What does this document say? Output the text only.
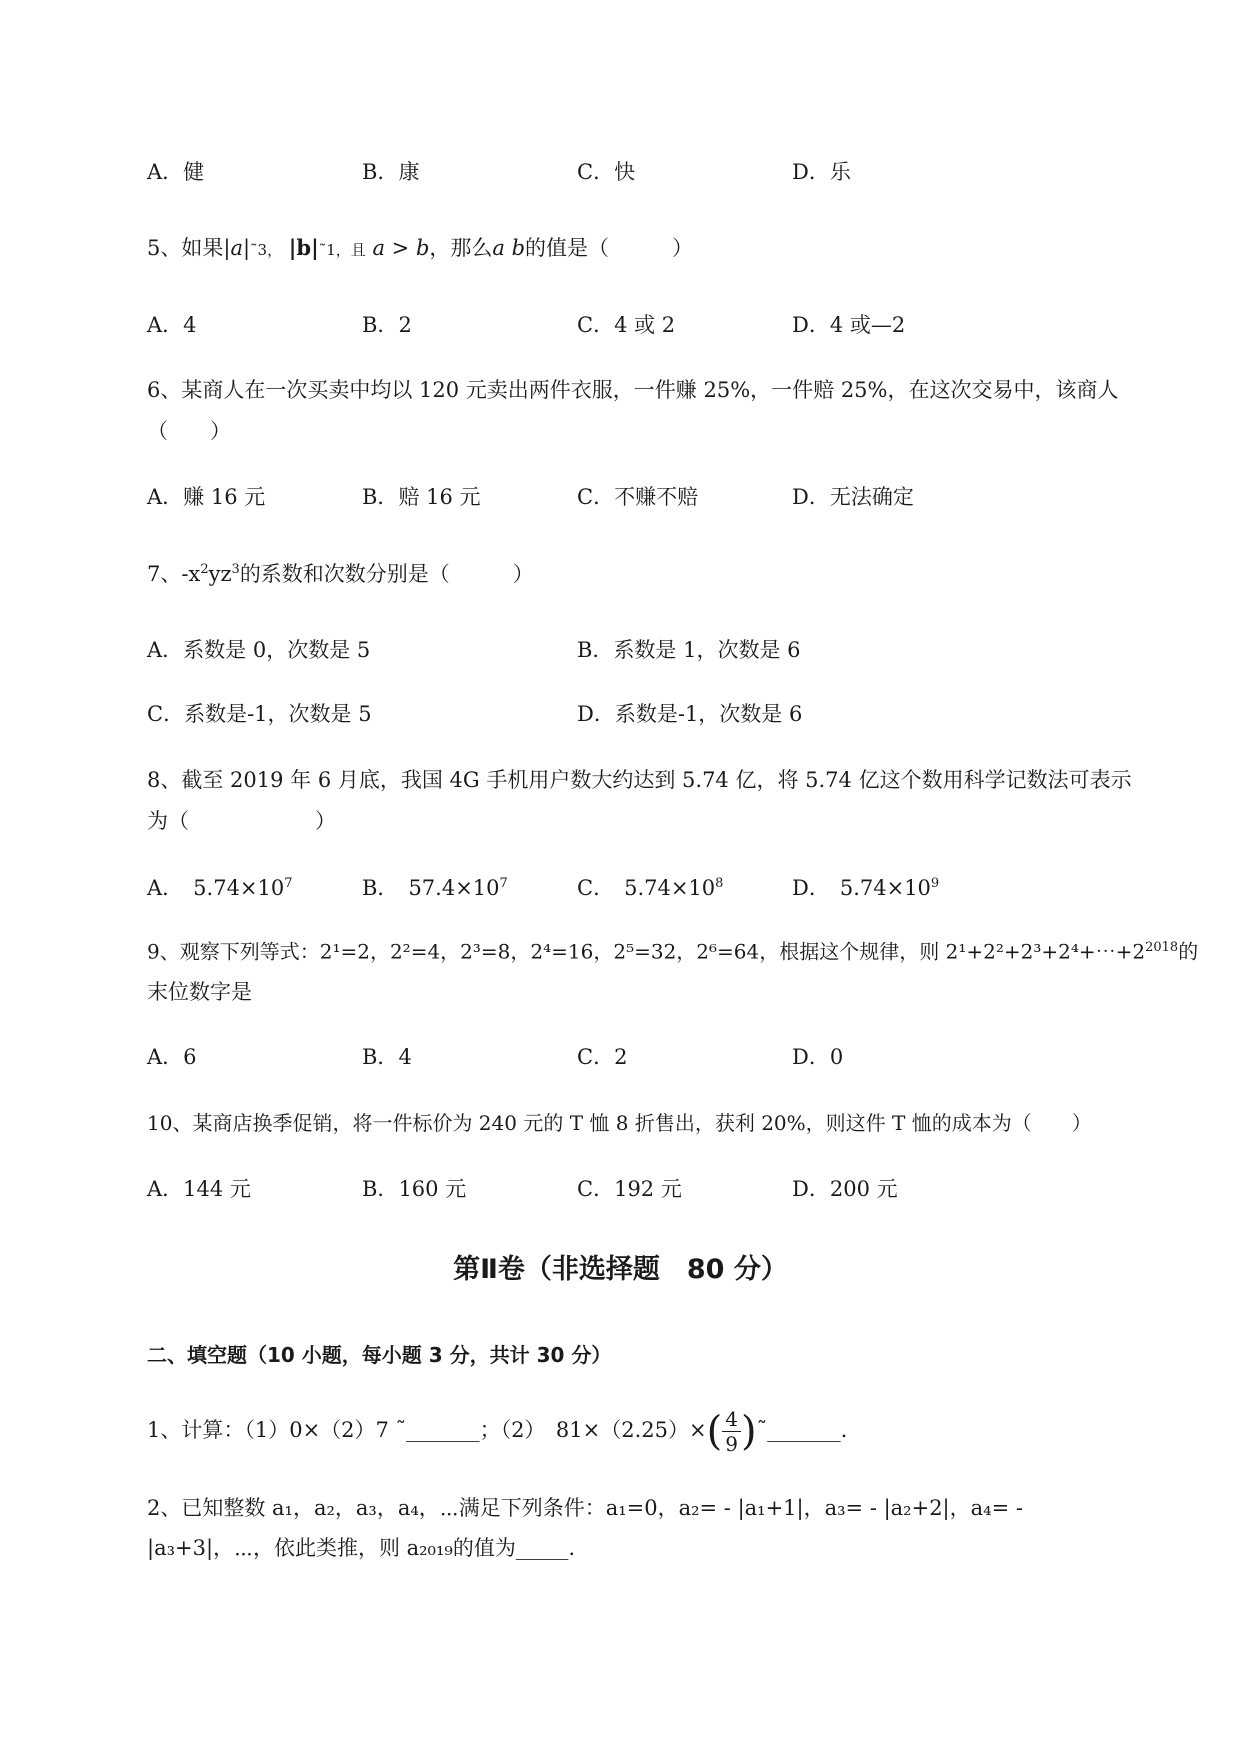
A．健	B．康	C．快	D．乐
5、如果|a|˜3， |b|˜1，且 a > b，那么a b的值是（　　　）
A．4	B．2	C．4 或 2	D．4 或—2
6、某商人在一次买卖中均以 120 元卖出两件衣服，一件赚 25%，一件赔 25%，在这次交易中，该商人
（　　）
A．赚 16 元	B．赔 16 元	C．不赚不赔	D．无法确定
7、$-x^2yz^3$的系数和次数分别是（　　　）
A．系数是 0，次数是 5	B．系数是 1，次数是 6
C．系数是-1，次数是 5	D．系数是-1，次数是 6
8、截至 2019 年 6 月底，我国 4G 手机用户数大约达到 5.74 亿，将 5.74 亿这个数用科学记数法可表示
为（　　　　　　）
A． $5.74\times 10^7$	B． $57.4\times 10^7$	C． $5.74\times 10^8$	D． $5.74\times 10^9$
9、观察下列等式：2¹=2，2²=4，2³=8，2⁴=16，2⁵=32，2⁶=64，根据这个规律，则 $2^1+2^2+2^3+2^4+\cdots+2^{2018}$的
末位数字是
A．6	B．4	C．2	D．0
10、某商店换季促销，将一件标价为 240 元的 T 恤 8 折售出，获利 20%，则这件 T 恤的成本为（　　）
A．144 元	B．160 元	C．192 元	D．200 元
第Ⅱ卷（非选择题　80 分）
二、填空题（10 小题，每小题 3 分，共计 30 分）
1、计算：（1）0×（2）7 ˜_______；（2）　$81\times(2.25)\times( \frac{4}{9}$ )˜_______.
2、已知整数 a₁，a₂，a₃，a₄，⋯满足下列条件：a₁=0，a₂= - |a₁+1|，a₃= - |a₂+2|，a₄= -
|a₃+3|，⋯，依此类推，则 a₂₀₁₉的值为_____.
